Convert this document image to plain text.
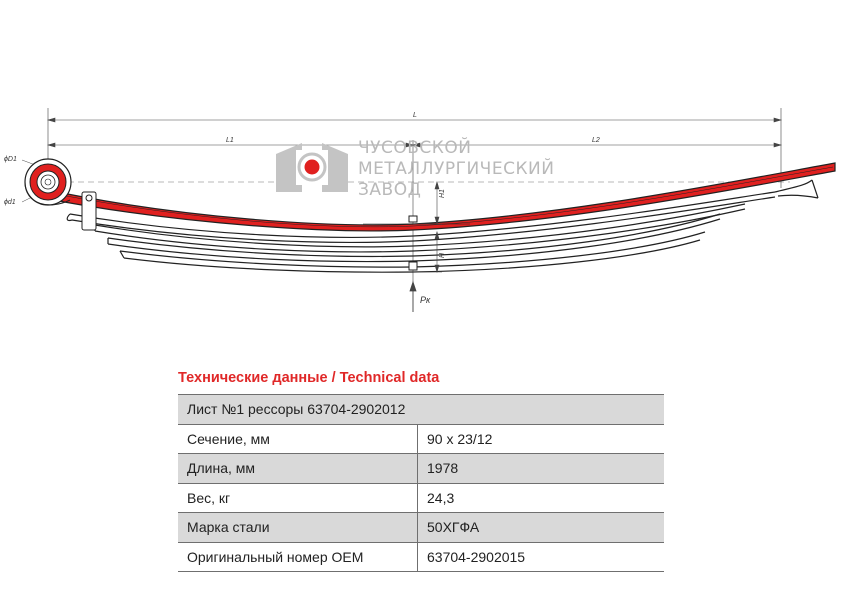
L
L1	L2
ϕD1
ϕd1
H1
H
Pк
ЧУСОВСКОЙ
МЕТАЛЛУРГИЧЕСКИЙ
ЗАВОД
Технические данные / Technical data
Лист №1 рессоры 63704-2902012	
Сечение, мм	90 x 23/12
Длина, мм	1978
Вес, кг	24,3
Марка стали	50ХГФА
Оригинальный номер OEM	63704-2902015
